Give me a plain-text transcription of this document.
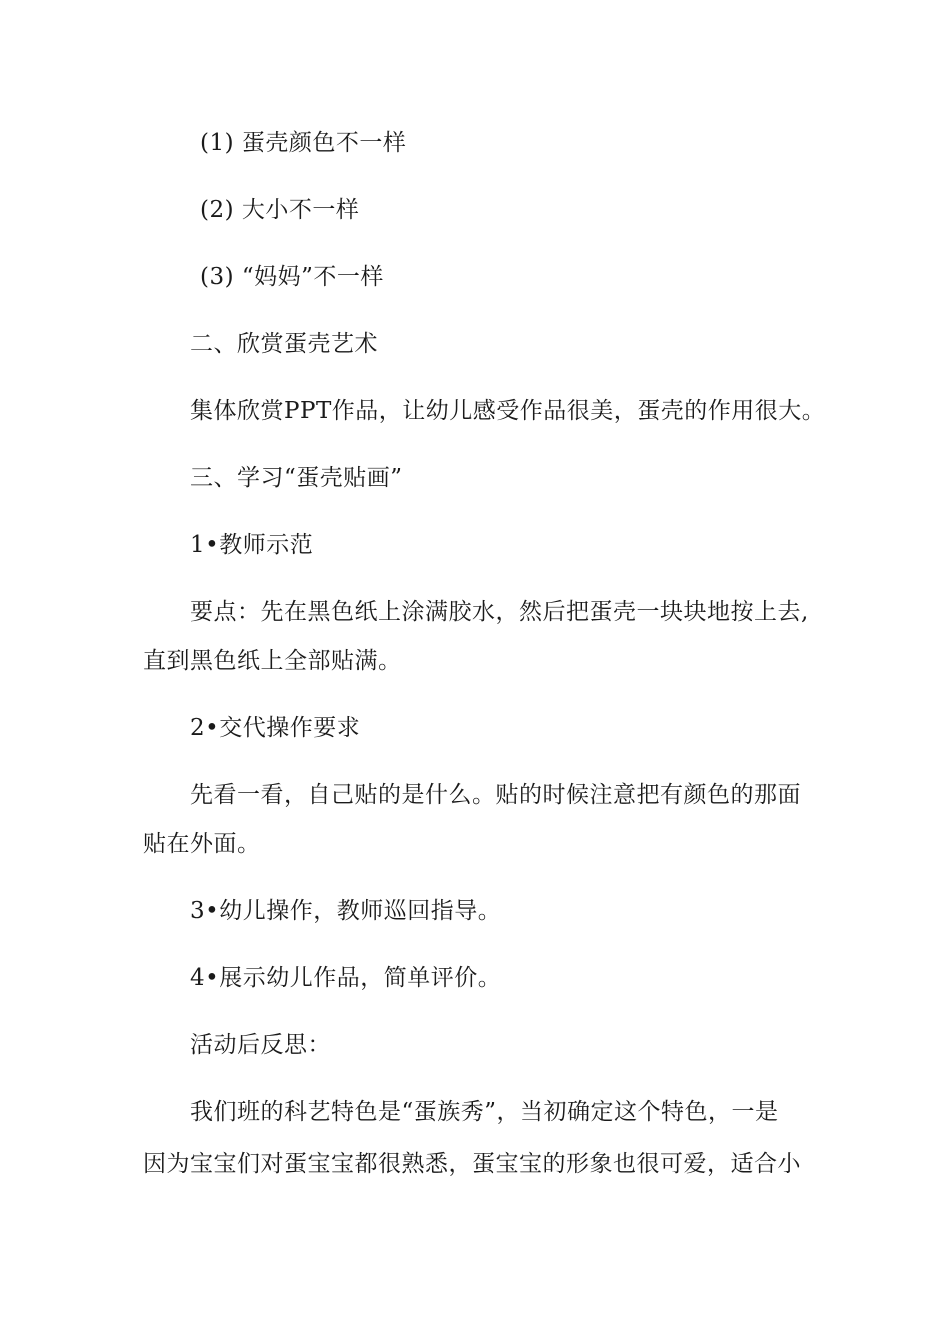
(1) 蛋壳颜色不一样
(2) 大小不一样
(3) “妈妈”不一样
二、欣赏蛋壳艺术
集体欣赏PPT作品，让幼儿感受作品很美，蛋壳的作用很大。
三、学习“蛋壳贴画”
1•教师示范
要点：先在黑色纸上涂满胶水，然后把蛋壳一块块地按上去,
直到黑色纸上全部贴满。
2•交代操作要求
先看一看，自己贴的是什么。贴的时候注意把有颜色的那面
贴在外面。
3•幼儿操作，教师巡回指导。
4•展示幼儿作品，简单评价。
活动后反思：
我们班的科艺特色是“蛋族秀”，当初确定这个特色，一是
因为宝宝们对蛋宝宝都很熟悉，蛋宝宝的形象也很可爱，适合小
